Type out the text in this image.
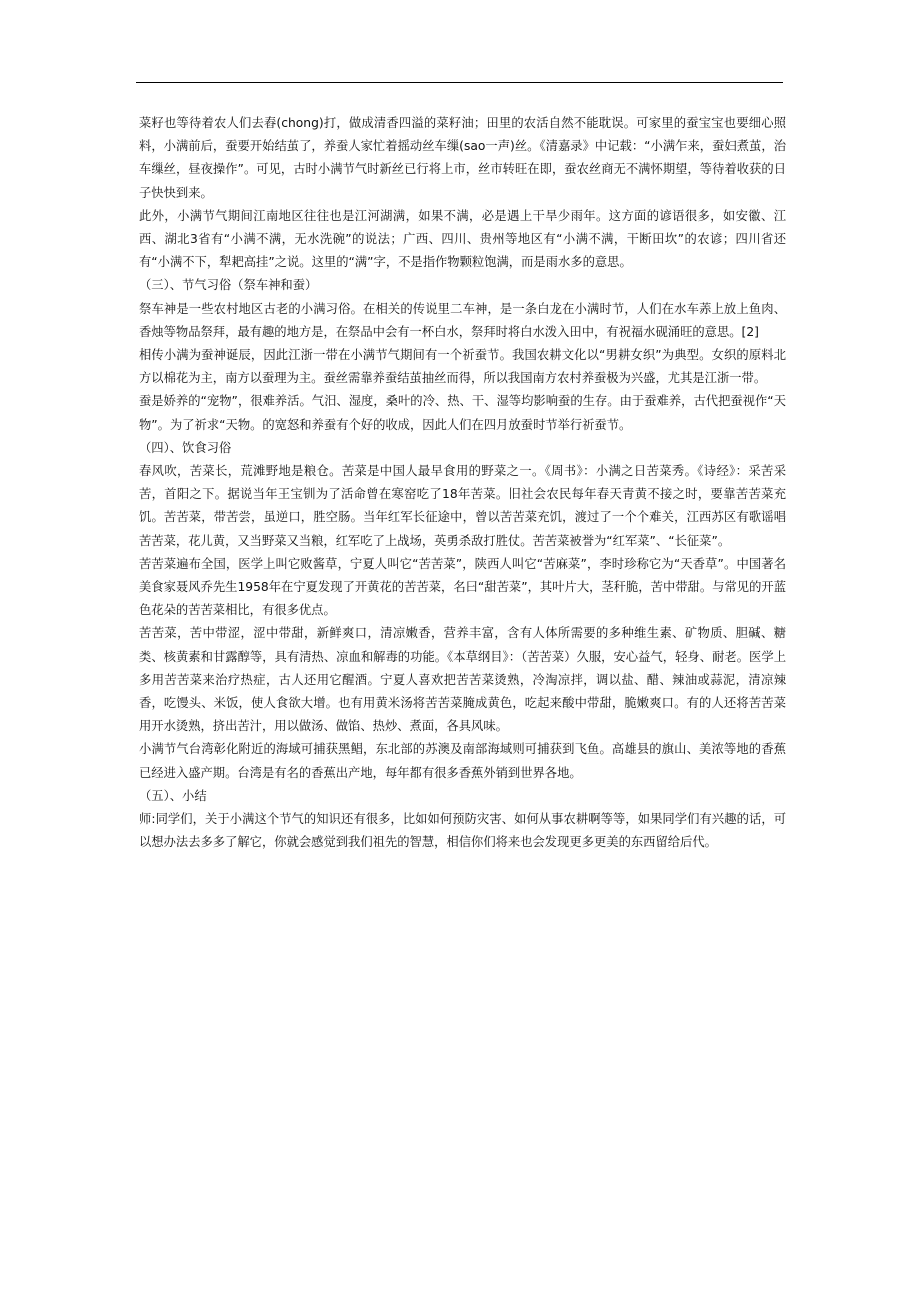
菜籽也等待着农人们去舂(chong)打，做成清香四溢的菜籽油；田里的农活自然不能耽误。可家里的蚕宝宝也要细心照料，小满前后，蚕要开始结茧了，养蚕人家忙着摇动丝车缫(sao一声)丝。《清嘉录》中记载：“小满乍来，蚕妇煮茧，治车缫丝，昼夜操作”。可见，古时小满节气时新丝已行将上市，丝市转旺在即，蚕农丝商无不满怀期望，等待着收获的日子快快到来。

此外，小满节气期间江南地区往往也是江河湖满，如果不满，必是遇上干旱少雨年。这方面的谚语很多，如安徽、江西、湖北3省有“小满不满，无水洗碗”的说法；广西、四川、贵州等地区有“小满不满，干断田坎”的农谚；四川省还有“小满不下，犁耙高挂”之说。这里的“满”字，不是指作物颗粒饱满，而是雨水多的意思。

（三）、节气习俗（祭车神和蚕）

祭车神是一些农村地区古老的小满习俗。在相关的传说里二车神，是一条白龙在小满时节，人们在水车䓇上放上鱼肉、香烛等物品祭拜，最有趣的地方是，在祭品中会有一杯白水，祭拜时将白水泼入田中，有祝福水砚涌旺的意思。[2]

相传小满为蚕神诞辰，因此江浙一带在小满节气期间有一个祈蚕节。我国农耕文化以“男耕女织”为典型。女织的原料北方以棉花为主，南方以蚕理为主。蚕丝需靠养蚕结茧抽丝而得，所以我国南方农村养蚕极为兴盛，尤其是江浙一带。

蚕是娇养的“宠物”，很难养活。气汨、湿度，桑叶的冷、热、干、湿等均影响蚕的生存。由于蚕难养，古代把蚕视作“天物”。为了祈求“天物。的宽怒和养蚕有个好的收成，因此人们在四月放蚕时节举行祈蚕节。

（四）、饮食习俗

春风吹，苦菜长，荒滩野地是粮仓。苦菜是中国人最早食用的野菜之一。《周书》：小满之日苦菜秀。《诗经》：采苦采苦，首阳之下。据说当年王宝钏为了活命曾在寒窑吃了18年苦菜。旧社会农民每年春天青黄不接之时，要靠苦苦菜充饥。苦苦菜，带苦尝，虽逆口，胜空肠。当年红军长征途中，曾以苦苦菜充饥，渡过了一个个难关，江西苏区有歌谣唱苦苦菜，花儿黄，又当野菜又当粮，红军吃了上战场，英勇杀敌打胜仗。苦苦菜被誉为“红军菜”、“长征菜”。

苦苦菜遍布全国，医学上叫它败酱草，宁夏人叫它“苦苦菜”，陕西人叫它“苦麻菜”，李时珍称它为“天香草”。中国著名美食家聂风乔先生1958年在宁夏发现了开黄花的苦苦菜，名曰“甜苦菜”，其叶片大，茎秆脆，苦中带甜。与常见的开蓝色花朵的苦苦菜相比，有很多优点。

苦苦菜，苦中带涩，涩中带甜，新鲜爽口，清凉嫩香，营养丰富，含有人体所需要的多种维生素、矿物质、胆碱、糖类、核黄素和甘露醇等，具有清热、凉血和解毒的功能。《本草纲目》：（苦苦菜）久服，安心益气，轻身、耐老。医学上多用苦苦菜来治疗热症，古人还用它醒酒。宁夏人喜欢把苦苦菜烫熟，冷淘凉拌，调以盐、醋、辣油或蒜泥，清凉辣香，吃馒头、米饭，使人食欲大增。也有用黄米汤将苦苦菜腌成黄色，吃起来酸中带甜，脆嫩爽口。有的人还将苦苦菜用开水烫熟，挤出苦汁，用以做汤、做馅、热炒、煮面，各具风味。

小满节气台湾彰化附近的海域可捕获黑鲳，东北部的苏澳及南部海域则可捕获到飞鱼。高雄县的旗山、美浓等地的香蕉已经进入盛产期。台湾是有名的香蕉出产地，每年都有很多香蕉外销到世界各地。

（五）、小结

师:同学们，关于小满这个节气的知识还有很多，比如如何预防灾害、如何从事农耕啊等等，如果同学们有兴趣的话，可以想办法去多多了解它，你就会感觉到我们祖先的智慧，相信你们将来也会发现更多更美的东西留给后代。
